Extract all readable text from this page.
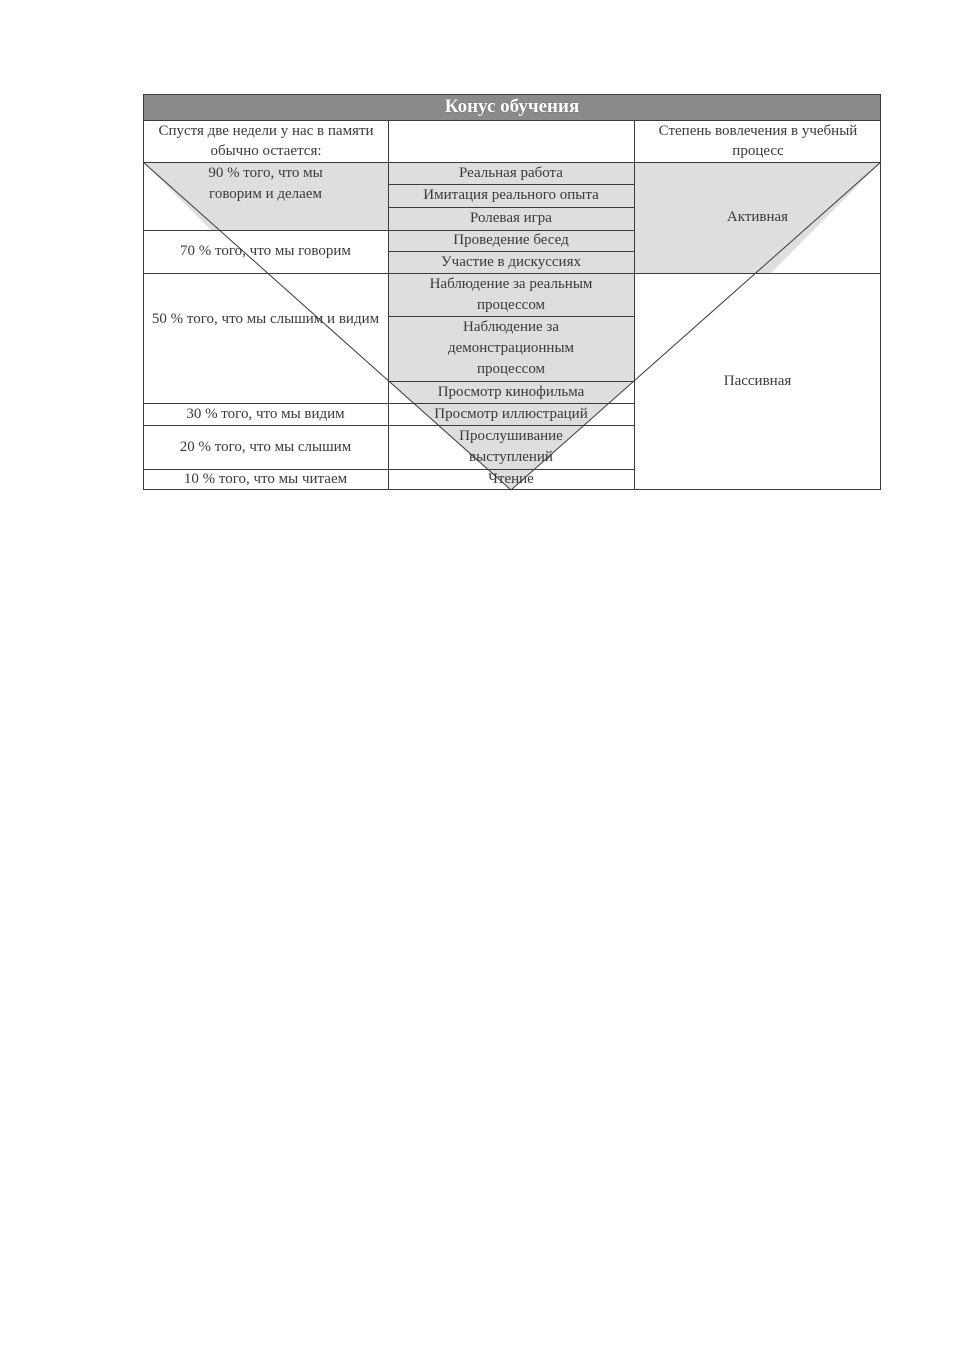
Конус обучения
Спустя две недели у нас в памяти обычно остается:
Степень вовлечения в учебный процесс
90 % того, что мы говорим и делаем
70 % того, что мы говорим
50 % того, что мы слышим и видим
30 % того, что мы видим
20 % того, что мы слышим
10 % того, что мы читаем
Реальная работа
Имитация реального опыта
Ролевая игра
Проведение бесед
Участие в дискуссиях
Наблюдение за реальным процессом
Наблюдение за демонстрационным процессом
Просмотр кинофильма
Просмотр иллюстраций
Прослушивание выступлений
Чтение
Активная
Пассивная
